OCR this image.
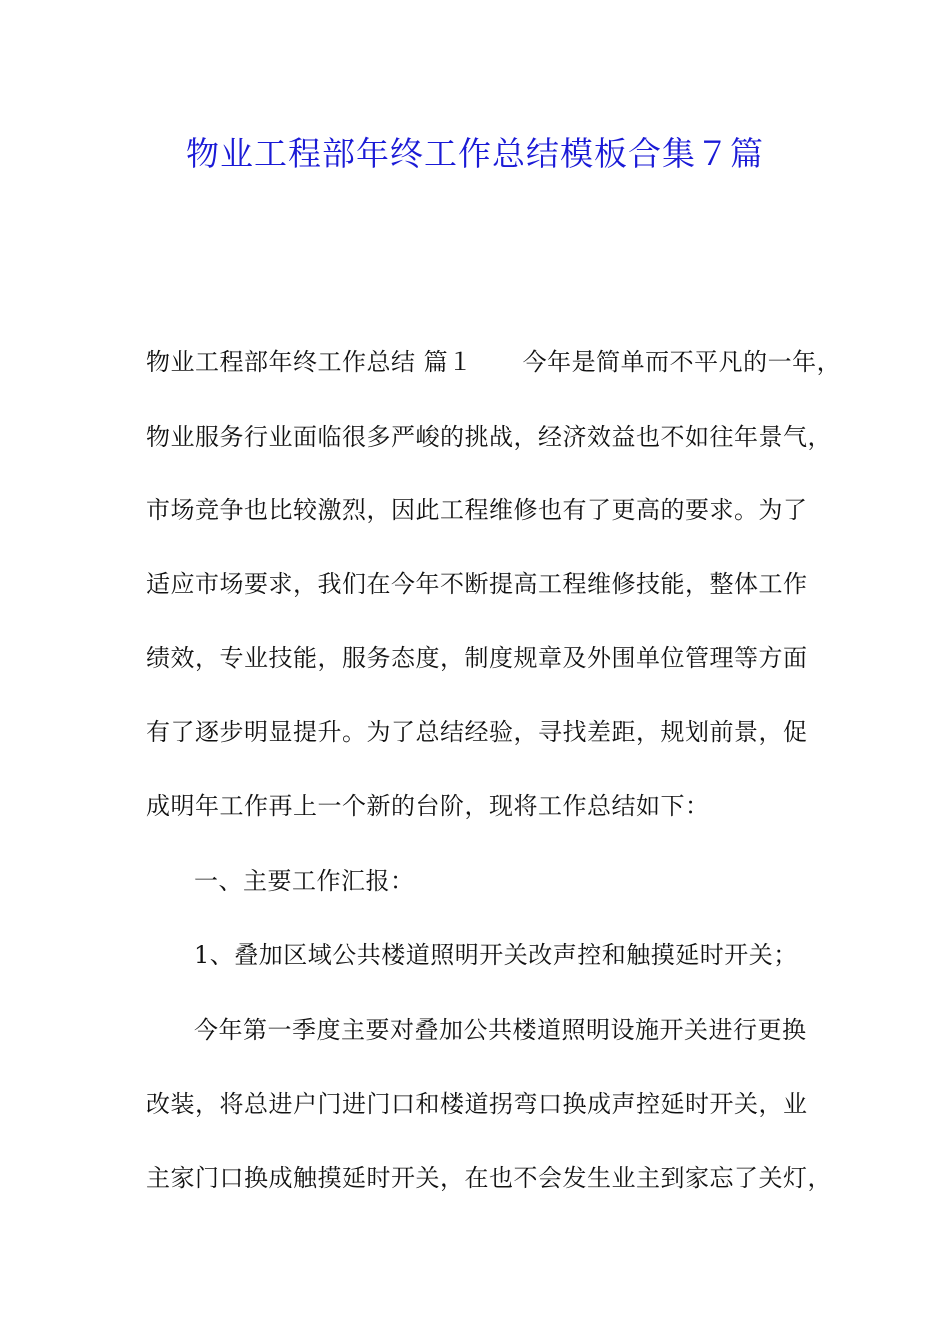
物业工程部年终工作总结模板合集７篇
物业工程部年终工作总结 篇１ 今年是简单而不平凡的一年，
物业服务行业面临很多严峻的挑战，经济效益也不如往年景气，
市场竞争也比较激烈，因此工程维修也有了更高的要求。为了
适应市场要求，我们在今年不断提高工程维修技能，整体工作
绩效，专业技能，服务态度，制度规章及外围单位管理等方面
有了逐步明显提升。为了总结经验，寻找差距，规划前景，促
成明年工作再上一个新的台阶，现将工作总结如下：
一、主要工作汇报：
1、叠加区域公共楼道照明开关改声控和触摸延时开关；
今年第一季度主要对叠加公共楼道照明设施开关进行更换
改装，将总进户门进门口和楼道拐弯口换成声控延时开关，业
主家门口换成触摸延时开关，在也不会发生业主到家忘了关灯，
